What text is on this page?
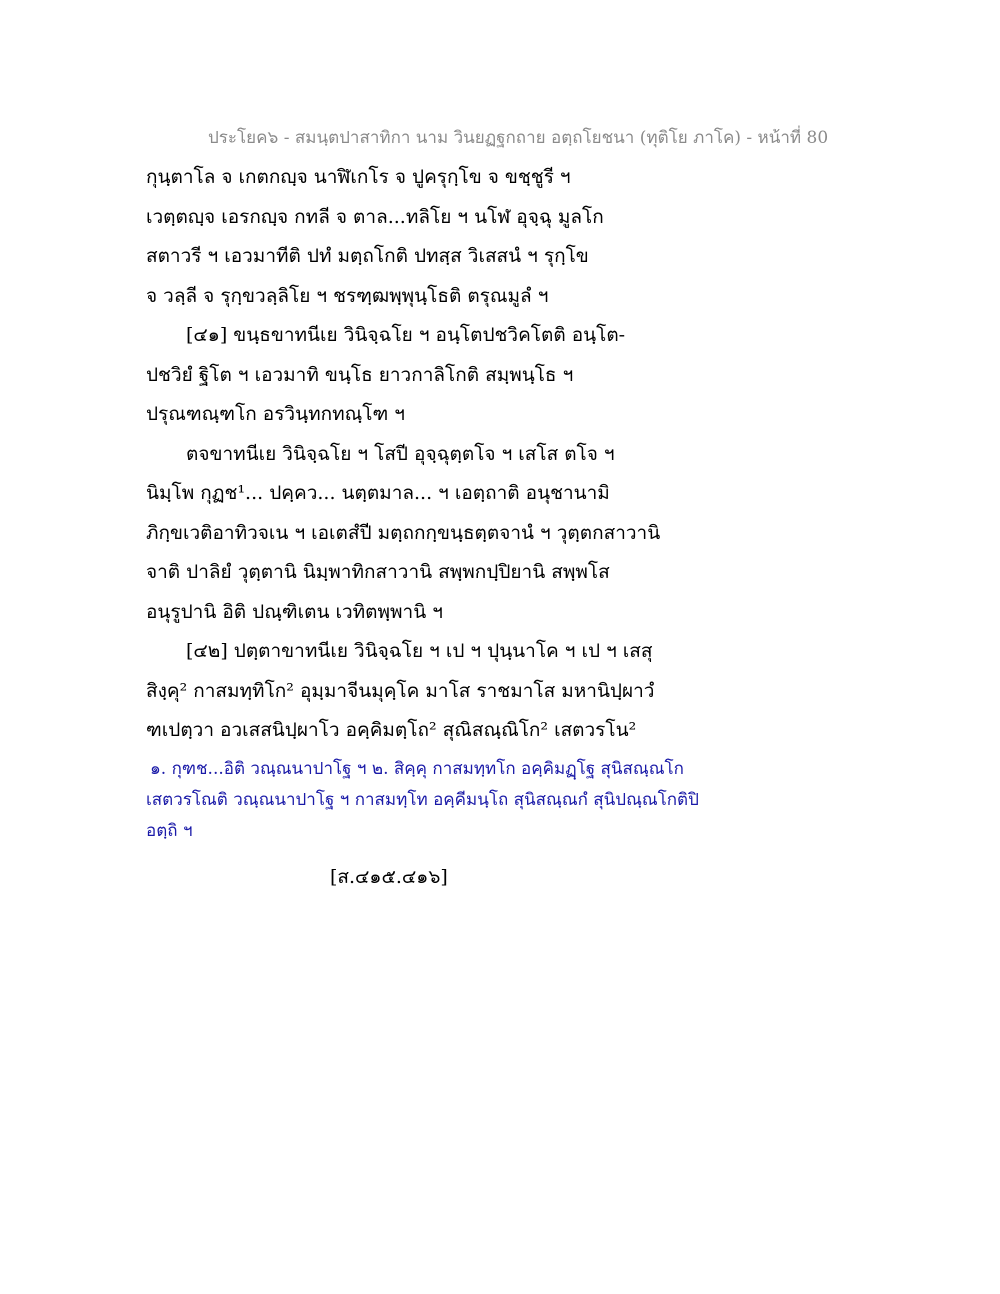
ประโยค๖ - สมนฺตปาสาทิกา นาม วินยฏฐกถาย อตฺถโยชนา (ทุติโย ภาโค) - หน้าที่ 80
กุนฺตาโล จ เกตกญฺจ นาฬิเกโร จ ปูครุกฺโข จ ขชฺชูรี ฯ
เวตฺตญฺจ เอรกญฺจ กทลี จ ตาล...ทลิโย ฯ นโฬ อุจฺฉุ มูลโก
สตาวรี ฯ เอวมาทีติ ปทํ มตฺถโกติ ปทสฺส วิเสสนํ ฯ รุกฺโข
จ วลฺลี จ รุกฺขวลฺลิโย ฯ ชรฑฺฒพฺพุนฺโธติ ตรุณมูลํ ฯ
[๔๑] ขนฺธขาทนีเย วินิจฺฉโย ฯ อนฺโตปชวิคโตติ อนฺโต-
ปชวิยํ ฐิโต ฯ เอวมาทิ ขนฺโธ ยาวกาลิโกติ สมฺพนฺโธ ฯ
ปรุณฑณฺฑโก อรวินฺทกทณฺโฑ ฯ
ตจขาทนีเย วินิจฺฉโย ฯ โสปี อุจฺฉุตฺตโจ ฯ เสโส ตโจ ฯ
นิมฺโพ กุฏช¹... ปคฺคว... นตฺตมาล... ฯ เอตฺถาติ อนุชานามิ
ภิกฺขเวติอาทิวจเน ฯ เอเตสํปี มตฺถกกฺขนฺธตฺตจานํ ฯ วุตฺตกสาวานิ
จาติ ปาลิยํ วุตฺตานิ นิมฺพาทิกสาวานิ สพฺพกปฺปิยานิ สพฺพโส
อนุรูปานิ อิติ ปณฺฑิเตน เวทิตพฺพานิ ฯ
[๔๒] ปตฺตาขาทนีเย วินิจฺฉโย ฯ เป ฯ ปุนฺนาโค ฯ เป ฯ เสสุ
สิงฺคุ² กาสมทฺทิโก² อุมฺมาจีนมุคฺโค มาโส ราชมาโส มหานิปฺผาวํ
ฑเปตฺวา อวเสสนิปฺผาโว อคฺคิมตฺโถ² สุณิสณฺณิโก² เสตวรโน²
๑. กุฑช...อิติ วณฺณนาปาโฐ ฯ ๒. สิคฺคุ กาสมทฺทโก อคฺคิมฏฺโฐ สุนิสณฺณโก
เสตวรโณติ วณฺณนาปาโฐ ฯ กาสมทฺโท อคฺคีมนฺโถ สุนิสณฺณกํ สุนิปณฺณโกติปิ
อตฺถิ ฯ
[ส.๔๑๕.๔๑๖]
